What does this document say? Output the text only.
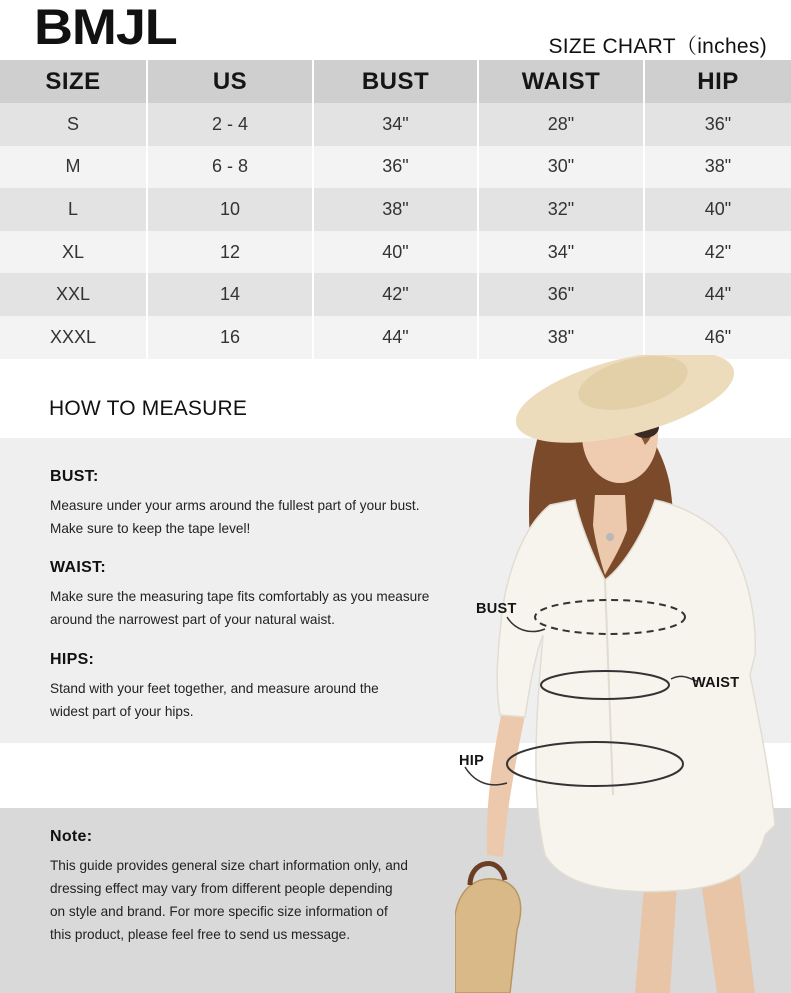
BMJL	SIZE CHART（inches)
SIZE	US	BUST	WAIST	HIP
S	2 - 4	34"	28"	36"
M	6 - 8	36"	30"	38"
L	10	38"	32"	40"
XL	12	40"	34"	42"
XXL	14	42"	36"	44"
XXXL	16	44"	38"	46"
HOW TO MEASURE
BUST:
Measure under your arms around the fullest part of your bust.
Make sure to keep the tape level!
WAIST:
Make sure the measuring tape fits comfortably as you measure
around the narrowest part of your natural waist.
HIPS:
Stand with your feet together, and measure around the
widest part of your hips.
Note:
This guide provides general size chart information only, and
dressing effect may vary from different people depending
on style and brand. For more specific size information of
this product, please feel free to send us message.
BUST
WAIST
HIP
